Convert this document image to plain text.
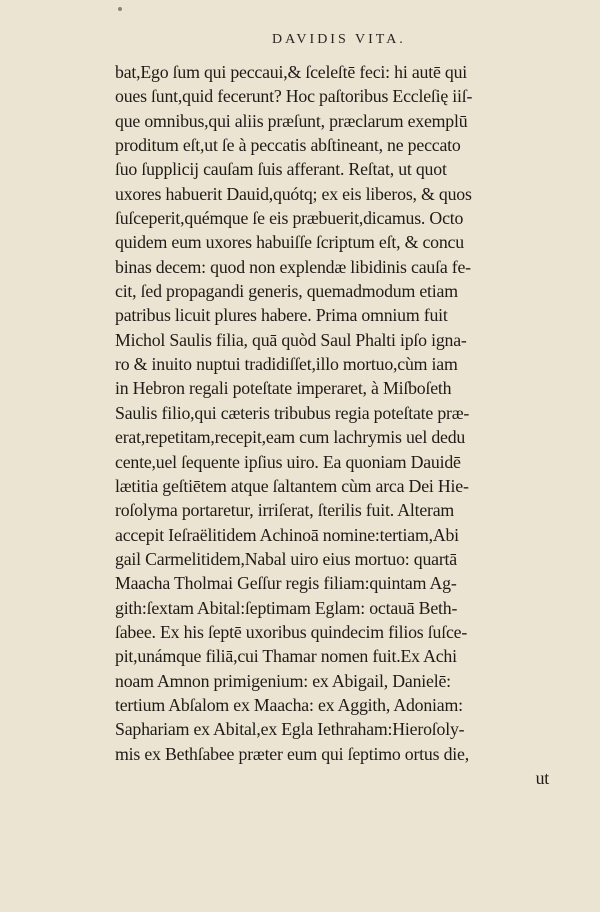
DAVIDIS VITA.
bat,Ego ſum qui peccaui,& ſceleſtē feci: hi autē qui
oues ſunt,quid fecerunt? Hoc paſtoribus Eccleſię iiſ-
que omnibus,qui aliis præſunt, præclarum exemplū
proditum eſt,ut ſe à peccatis abſtineant, ne peccato
ſuo ſupplicij cauſam ſuis afferant. Reſtat, ut quot
uxores habuerit Dauid,quótq; ex eis liberos, & quos
ſuſceperit,quémque ſe eis præbuerit,dicamus. Octo
quidem eum uxores habuiſſe ſcriptum eſt, & concu
binas decem: quod non explendæ libidinis cauſa fe-
cit, ſed propagandi generis, quemadmodum etiam
patribus licuit plures habere. Prima omnium fuit
Michol Saulis filia, quā quòd Saul Phalti ipſo igna-
ro & inuito nuptui tradidiſſet,illo mortuo,cùm iam
in Hebron regali poteſtate imperaret, à Miſboſeth
Saulis filio,qui cæteris tribubus regia poteſtate præ-
erat,repetitam,recepit,eam cum lachrymis uel dedu
cente,uel ſequente ipſius uiro. Ea quoniam Dauidē
lætitia geſtiētem atque ſaltantem cùm arca Dei Hie-
roſolyma portaretur, irriſerat, ſterilis fuit. Alteram
accepit Ieſraëlitidem Achinoā nomine:tertiam,Abi
gail Carmelitidem,Nabal uiro eius mortuo: quartā
Maacha Tholmai Geſſur regis filiam:quintam Ag-
gith:ſextam Abital:ſeptimam Eglam: octauā Beth-
ſabee. Ex his ſeptē uxoribus quindecim filios ſuſce-
pit,unámque filiā,cui Thamar nomen fuit.Ex Achi
noam Amnon primigenium: ex Abigail, Danielē:
tertium Abſalom ex Maacha: ex Aggith, Adoniam:
Saphariam ex Abital,ex Egla Iethraham:Hieroſoly-
mis ex Bethſabee præter eum qui ſeptimo ortus die,
ut
